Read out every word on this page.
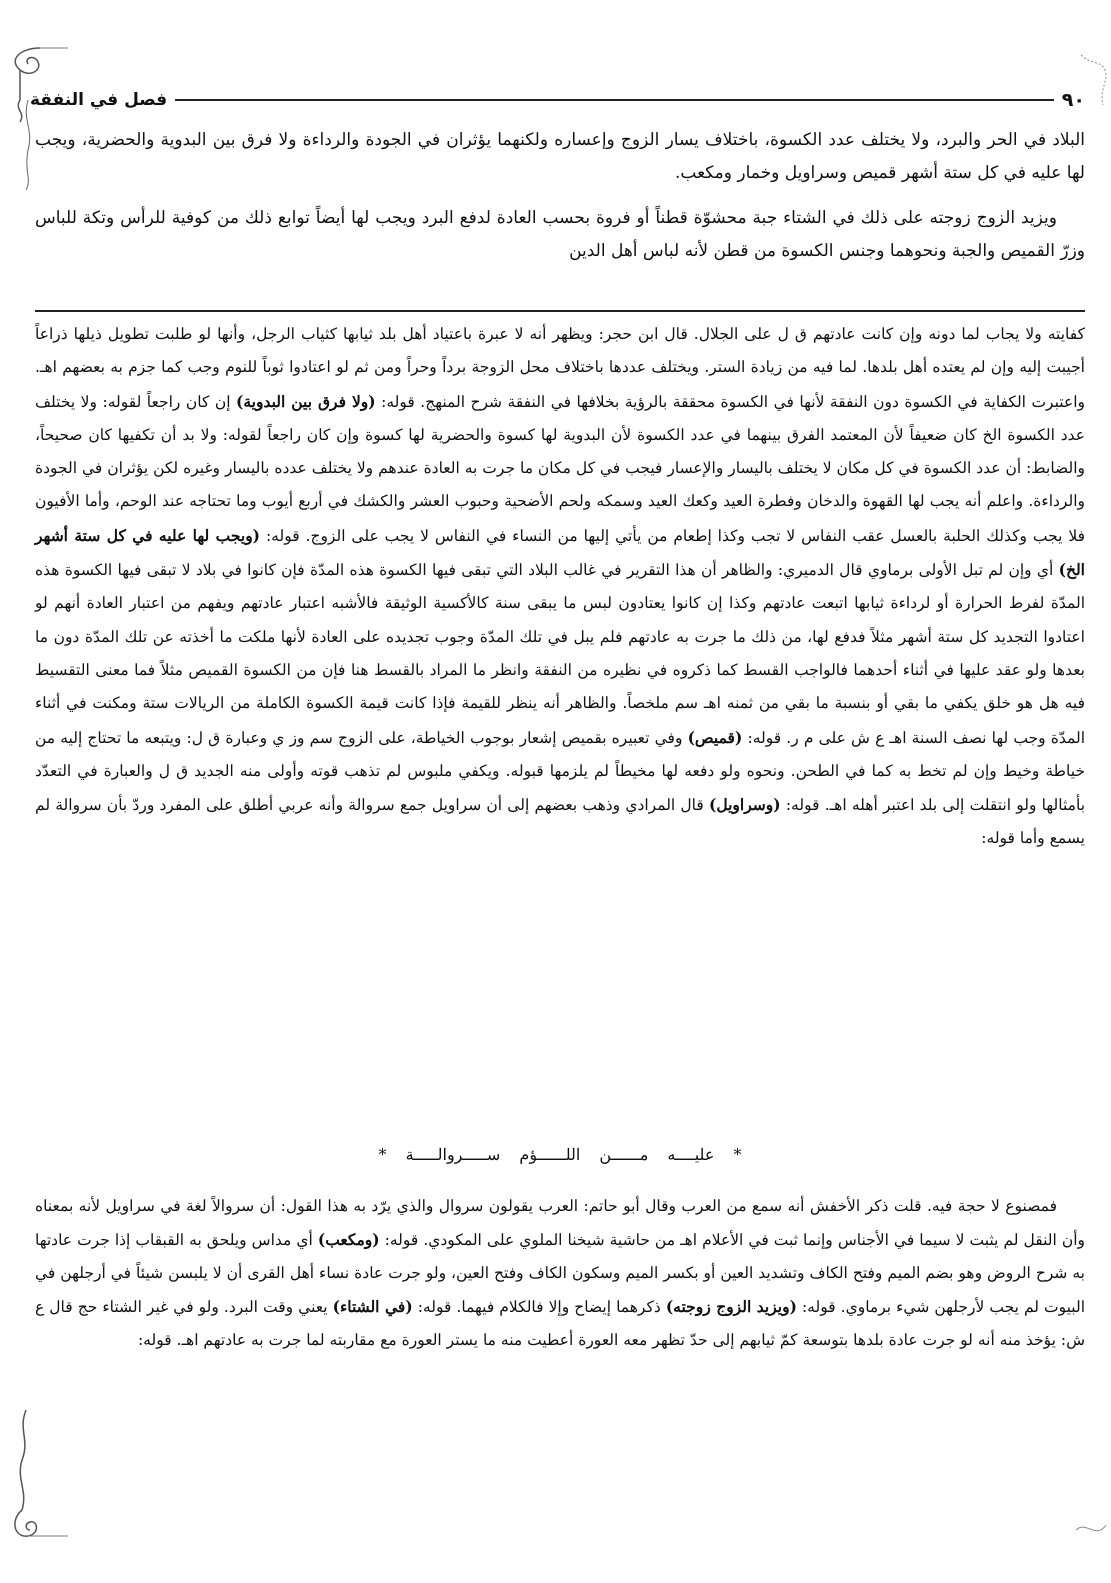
٩٠
فصل في النفقة

البلاد في الحر والبرد، ولا يختلف عدد الكسوة، باختلاف يسار الزوج وإعساره ولكنهما يؤثران في الجودة والرداءة ولا فرق بين البدوية والحضرية، ويجب لها عليه في كل ستة أشهر قميص وسراويل وخمار ومكعب.

ويزيد الزوج زوجته على ذلك في الشتاء جبة محشوّة قطناً أو فروة بحسب العادة لدفع البرد ويجب لها أيضاً توابع ذلك من كوفية للرأس وتكة للباس وزرّ القميص والجبة ونحوهما وجنس الكسوة من قطن لأنه لباس أهل الدين

كفايته ولا يجاب لما دونه وإن كانت عادتهم ق ل على الجلال. قال ابن حجر: ويظهر أنه لا عبرة باعتياد أهل بلد ثيابها كثياب الرجل، وأنها لو طلبت تطويل ذيلها ذراعاً أجيبت إليه وإن لم يعتده أهل بلدها. لما فيه من زيادة الستر. ويختلف عددها باختلاف محل الزوجة برداً وحراً ومن ثم لو اعتادوا ثوباً للنوم وجب كما جزم به بعضهم اهـ. واعتبرت الكفاية في الكسوة دون النفقة لأنها في الكسوة محققة بالرؤية بخلافها في النفقة شرح المنهج. قوله: (ولا فرق بين البدوية) إن كان راجعاً لقوله: ولا يختلف عدد الكسوة الخ كان ضعيفاً لأن المعتمد الفرق بينهما في عدد الكسوة لأن البدوية لها كسوة والحضرية لها كسوة وإن كان راجعاً لقوله: ولا بد أن تكفيها كان صحيحاً، والضابط: أن عدد الكسوة في كل مكان لا يختلف باليسار والإعسار فيجب في كل مكان ما جرت به العادة عندهم ولا يختلف عدده باليسار وغيره لكن يؤثران في الجودة والرداءة. واعلم أنه يجب لها القهوة والدخان وفطرة العيد وكعك العيد وسمكه ولحم الأضحية وحبوب العشر والكشك في أربع أيوب وما تحتاجه عند الوحم، وأما الأفيون فلا يجب وكذلك الحلبة بالعسل عقب النفاس لا تجب وكذا إطعام من يأتي إليها من النساء في النفاس لا يجب على الزوج. قوله: (ويجب لها عليه في كل ستة أشهر الخ) أي وإن لم تبل الأولى برماوي قال الدميري: والظاهر أن هذا التقرير في غالب البلاد التي تبقى فيها الكسوة هذه المدّة فإن كانوا في بلاد لا تبقى فيها الكسوة هذه المدّة لفرط الحرارة أو لرداءة ثيابها اتبعت عادتهم وكذا إن كانوا يعتادون لبس ما يبقى سنة كالأكسية الوثيقة فالأشبه اعتبار عادتهم ويفهم من اعتبار العادة أنهم لو اعتادوا التجديد كل ستة أشهر مثلاً فدفع لها، من ذلك ما جرت به عادتهم فلم يبل في تلك المدّة وجوب تجديده على العادة لأنها ملكت ما أخذته عن تلك المدّة دون ما بعدها ولو عقد عليها في أثناء أحدهما فالواجب القسط كما ذكروه في نظيره من النفقة وانظر ما المراد بالقسط هنا فإن من الكسوة القميص مثلاً فما معنى التقسيط فيه هل هو خلق يكفي ما بقي أو بنسبة ما بقي من ثمنه اهـ سم ملخصاً. والظاهر أنه ينظر للقيمة فإذا كانت قيمة الكسوة الكاملة من الريالات ستة ومكنت في أثناء المدّة وجب لها نصف السنة اهـ ع ش على م ر. قوله: (قميص) وفي تعبيره بقميص إشعار بوجوب الخياطة، على الزوج سم وز ي وعبارة ق ل: ويتبعه ما تحتاج إليه من خياطة وخيط وإن لم تخط به كما في الطحن. ونحوه ولو دفعه لها مخيطاً لم يلزمها قبوله. ويكفي ملبوس لم تذهب قوته وأولى منه الجديد ق ل والعبارة في التعدّد بأمثالها ولو انتقلت إلى بلد اعتبر أهله اهـ. قوله: (وسراويل) قال المرادي وذهب بعضهم إلى أن سراويل جمع سروالة وأنه عربي أطلق على المفرد وردّ بأن سروالة لم يسمع وأما قوله:

* عليــــه مــــــن اللــــــؤم ســـــروالـــــة *

فمصنوع لا حجة فيه. قلت ذكر الأخفش أنه سمع من العرب وقال أبو حاتم: العرب يقولون سروال والذي يرّد به هذا القول: أن سروالاً لغة في سراويل لأنه بمعناه وأن النقل لم يثبت لا سيما في الأجناس وإنما ثبت في الأعلام اهـ من حاشية شيخنا الملوي على المكودي. قوله: (ومكعب) أي مداس ويلحق به القبقاب إذا جرت عادتها به شرح الروض وهو بضم الميم وفتح الكاف وتشديد العين أو بكسر الميم وسكون الكاف وفتح العين، ولو جرت عادة نساء أهل القرى أن لا يلبسن شيئاً في أرجلهن في البيوت لم يجب لأرجلهن شيء برماوي. قوله: (ويزيد الزوج زوجته) ذكرهما إيضاح وإلا فالكلام فيهما. قوله: (في الشتاء) يعني وقت البرد. ولو في غير الشتاء حج قال ع ش: يؤخذ منه أنه لو جرت عادة بلدها بتوسعة كمّ ثيابهم إلى حدّ تظهر معه العورة أعطيت منه ما يستر العورة مع مقاربته لما جرت به عادتهم اهـ. قوله:
